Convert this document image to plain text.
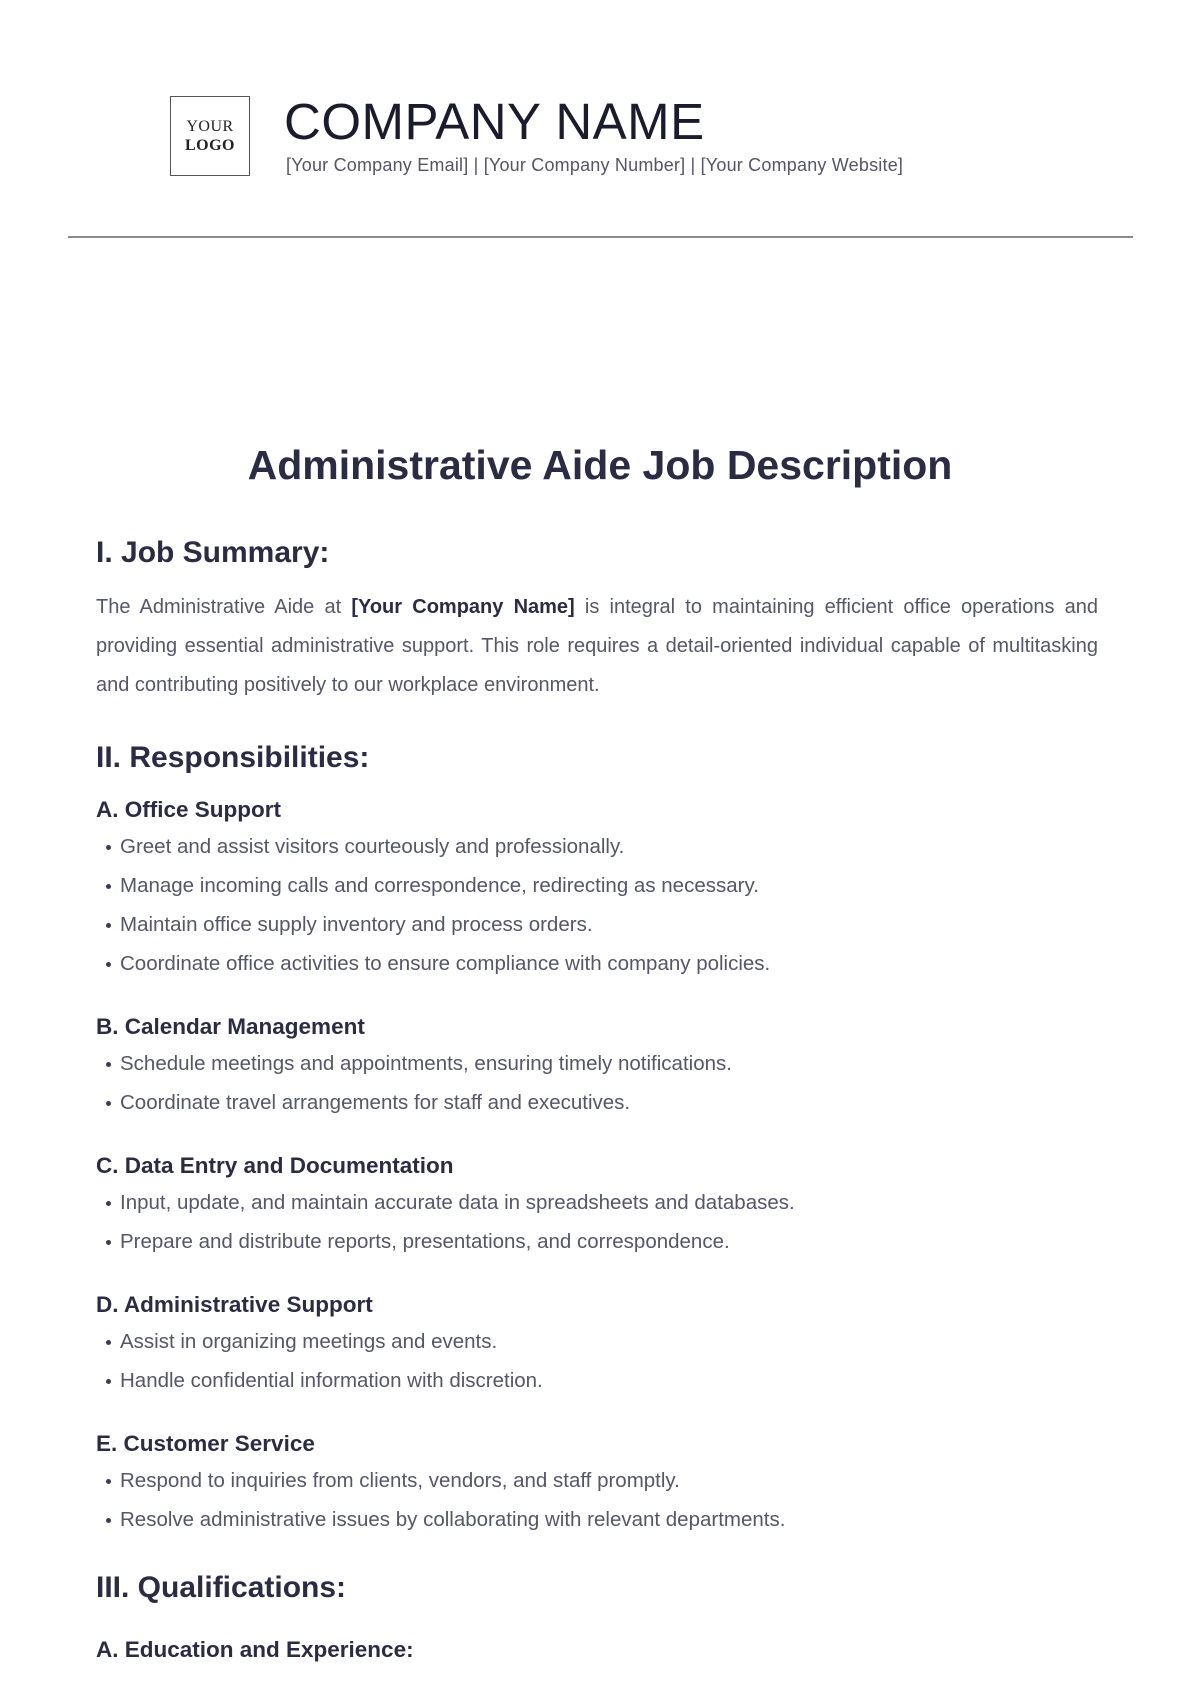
YOUR
LOGO COMPANY NAME
[Your Company Email] | [Your Company Number] | [Your Company Website]
Administrative Aide Job Description
I. Job Summary:

The Administrative Aide at [Your Company Name] is integral to maintaining efficient office operations and providing essential administrative support. This role requires a detail-oriented individual capable of multitasking and contributing positively to our workplace environment.

II. Responsibilities:
A. Office Support
Greet and assist visitors courteously and professionally.
Manage incoming calls and correspondence, redirecting as necessary.
Maintain office supply inventory and process orders.
Coordinate office activities to ensure compliance with company policies.
B. Calendar Management
Schedule meetings and appointments, ensuring timely notifications.
Coordinate travel arrangements for staff and executives.
C. Data Entry and Documentation
Input, update, and maintain accurate data in spreadsheets and databases.
Prepare and distribute reports, presentations, and correspondence.
D. Administrative Support
Assist in organizing meetings and events.
Handle confidential information with discretion.
E. Customer Service
Respond to inquiries from clients, vendors, and staff promptly.
Resolve administrative issues by collaborating with relevant departments.
III. Qualifications:
A. Education and Experience:
